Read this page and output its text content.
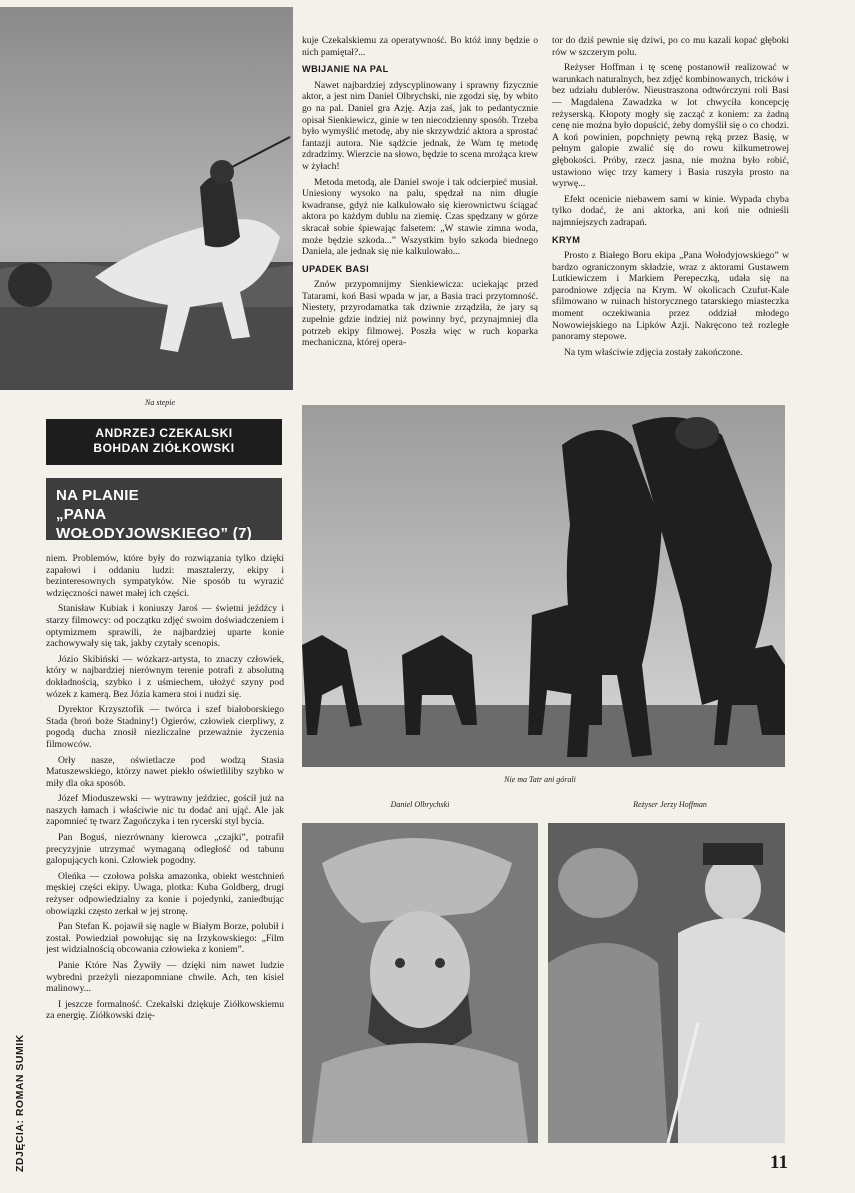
Na stepie
ANDRZEJ CZEKALSKI
BOHDAN ZIÓŁKOWSKI
NA PLANIE
„PANA WOŁODYJOWSKIEGO” (7)

niem. Problemów, które były do rozwiązania tylko dzięki zapałowi i oddaniu ludzi: masztalerzy, ekipy i bezinteresownych sympatyków. Nie sposób tu wyrazić wdzięczności nawet małej ich części.

Stanisław Kubiak i koniuszy Jaroś — świetni jeźdźcy i starzy filmowcy: od początku zdjęć swoim doświadczeniem i optymizmem sprawili, że najbardziej uparte konie zachowywały się tak, jakby czytały scenopis.

Józio Skibiński — wózkarz-artysta, to znaczy człowiek, który w najbardziej nierównym terenie potrafi z absolutną dokładnością, szybko i z uśmiechem, ułożyć szyny pod wózek z kamerą. Bez Józia kamera stoi i nudzi się.

Dyrektor Krzysztofik — twórca i szef białoborskiego Stada (broń boże Stadniny!) Ogierów, człowiek cierpliwy, z pogodą ducha znosił niezliczalne przeważnie życzenia filmowców.

Orły nasze, oświetlacze pod wodzą Stasia Matuszewskiego, którzy nawet piekło oświetliliby szybko w miły dla oka sposób.

Józef Mioduszewski — wytrawny jeździec, gościł już na naszych łamach i właściwie nic tu dodać ani ująć. Ale jak zapomnieć tę twarz Zagończyka i ten rycerski styl bycia.

Pan Boguś, niezrównany kierowca „czajki”, potrafił precyzyjnie utrzymać wymaganą odległość od tabunu galopujących koni. Człowiek pogodny.

Oleńka — czołowa polska amazonka, obiekt westchnień męskiej części ekipy. Uwaga, plotka: Kuba Goldberg, drugi reżyser odpowiedzialny za konie i pojedynki, zaniedbując obowiązki często zerkał w jej stronę.

Pan Stefan K. pojawił się nagle w Białym Borze, polubił i został. Powiedział powołując się na Irzykowskiego: „Film jest widzialnością obcowania człowieka z koniem”.

Panie Które Nas Żywiły — dzięki nim nawet ludzie wybredni przeżyli niezapomniane chwile. Ach, ten kisiel malinowy...

I jeszcze formalność. Czekalski dziękuje Ziółkowskiemu za energię. Ziółkowski dzię-

ZDJĘCIA: ROMAN SUMIK

kuje Czekalskiemu za operatywność. Bo któż inny będzie o nich pamiętał?...

WBIJANIE NA PAL

Nawet najbardziej zdyscyplinowany i sprawny fizycznie aktor, a jest nim Daniel Olbrychski, nie zgodzi się, by wbito go na pal. Daniel gra Azję. Azja zaś, jak to pedantycznie opisał Sienkiewicz, ginie w ten niecodzienny sposób. Trzeba było wymyślić metodę, aby nie skrzywdzić aktora a sprostać fantazji autora. Nie sądźcie jednak, że Wam tę metodę zdradzimy. Wierzcie na słowo, będzie to scena mrożąca krew w żyłach!

Metoda metodą, ale Daniel swoje i tak odcierpieć musiał. Uniesiony wysoko na palu, spędzał na nim długie kwadranse, gdyż nie kalkulowało się kierownictwu ściągać aktora po każdym dublu na ziemię. Czas spędzany w górze skracał sobie śpiewając falsetem: „W stawie zimna woda, może będzie szkoda...” Wszystkim było szkoda biednego Daniela, ale jednak się nie kalkulowało...

UPADEK BASI

Znów przypomnijmy Sienkiewicza: uciekając przed Tatarami, koń Basi wpada w jar, a Basia traci przytomność. Niestety, przyrodamatka tak dziwnie zrządziła, że jary są zupełnie gdzie indziej niż powinny być, przynajmniej dla potrzeb ekipy filmowej. Poszła więc w ruch koparka mechaniczna, której opera-

tor do dziś pewnie się dziwi, po co mu kazali kopać głęboki rów w szczerym polu.

Reżyser Hoffman i tę scenę postanowił realizować w warunkach naturalnych, bez zdjęć kombinowanych, tricków i bez udziału dublerów. Nieustraszona odtwórczyni roli Basi — Magdalena Zawadzka w lot chwyciła koncepcję reżyserską. Kłopoty mogły się zacząć z koniem: za żadną cenę nie można było dopuścić, żeby domyślił się o co chodzi. A koń powinien, popchnięty pewną ręką przez Basię, w pełnym galopie zwalić się do rowu kilkumetrowej głębokości. Próby, rzecz jasna, nie można było robić, ustawiono więc trzy kamery i Basia ruszyła prosto na wyrwę...

Efekt ocenicie niebawem sami w kinie. Wypada chyba tylko dodać, że ani aktorka, ani koń nie odnieśli najmniejszych zadrapań.

KRYM

Prosto z Białego Boru ekipa „Pana Wołodyjowskiego” w bardzo ograniczonym składzie, wraz z aktorami Gustawem Lutkiewiczem i Markiem Perepeczką, udała się na parodniowe zdjęcia na Krym. W okolicach Czufut-Kale sfilmowano w ruinach historycznego tatarskiego miasteczka moment oczekiwania przez oddział młodego Nowowiejskiego na Lipków Azji. Nakręcono też rozległe panoramy stepowe.

Na tym właściwie zdjęcia zostały zakończone.

Nie ma Tatr ani górali
Daniel Olbrychski	Reżyser Jerzy Hoffman
11
